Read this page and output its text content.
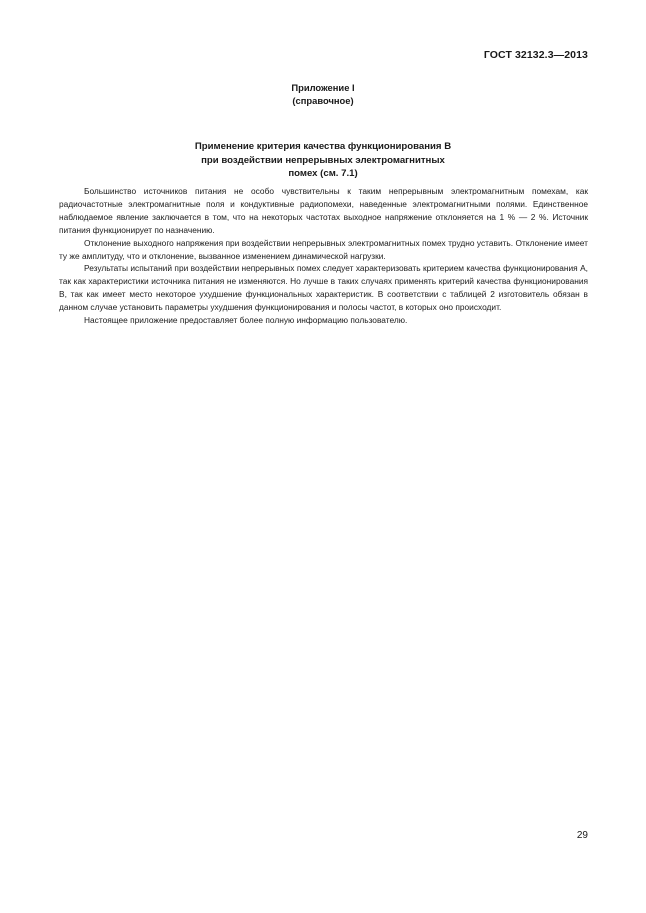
ГОСТ 32132.3—2013
Приложение I
(справочное)
Применение критерия качества функционирования В
при воздействии непрерывных электромагнитных
помех (см. 7.1)

Большинство источников питания не особо чувствительны к таким непрерывным электромагнитным помехам, как радиочастотные электромагнитные поля и кондуктивные радиопомехи, наведенные электромагнитными полями. Единственное наблюдаемое явление заключается в том, что на некоторых частотах выходное напряжение отклоняется на 1 % — 2 %. Источник питания функционирует по назначению.

Отклонение выходного напряжения при воздействии непрерывных электромагнитных помех трудно уставить. Отклонение имеет ту же амплитуду, что и отклонение, вызванное изменением динамической нагрузки.

Результаты испытаний при воздействии непрерывных помех следует характеризовать критерием качества функционирования А, так как характеристики источника питания не изменяются. Но лучше в таких случаях применять критерий качества функционирования В, так как имеет место некоторое ухудшение функциональных характеристик. В соответствии с таблицей 2 изготовитель обязан в данном случае установить параметры ухудшения функционирования и полосы частот, в которых оно происходит.

Настоящее приложение предоставляет более полную информацию пользователю.

29
